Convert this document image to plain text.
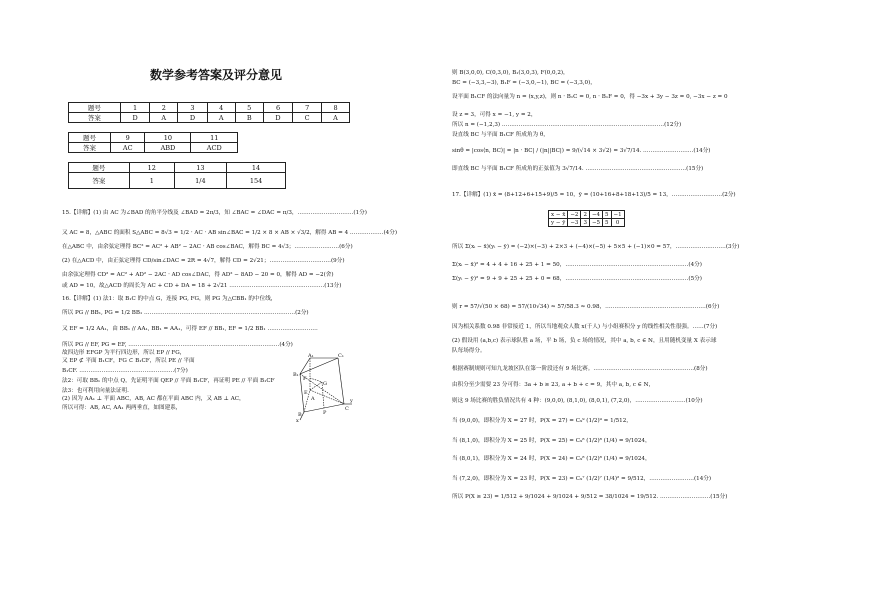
数学参考答案及评分意见
题号	1	2	3	4	5	6	7	8
答案	D	A	D	A	B	D	C	A
题号	9	10	11
答案	AC	ABD	ACD
题号	12	13	14
答案	1	1/4	154
15.【详解】(1) 由 AC 为∠BAD 的角平分线及 ∠BAD = 2π/3，知 ∠BAC = ∠DAC = π/3，…………………………(1分)
又 AC = 8，△ABC 的面积 S△ABC = 8√3 = 1/2 · AC · AB sin∠BAC = 1/2 × 8 × AB × √3/2，解得 AB = 4 ………………(4分)
在△ABC 中，由余弦定理得 BC² = AC² + AB² − 2AC · AB cos∠BAC，解得 BC = 4√3；……………………(6分)
(2) 在△ACD 中，由正弦定理得 CD/sin∠DAC = 2R = 4√7，解得 CD = 2√21；……………………………(9分)
由余弦定理得 CD² = AC² + AD² − 2AC · AD cos∠DAC，得 AD² − 8AD − 20 = 0，解得 AD = −2(舍)
或 AD = 10，故△ACD 的周长为 AC + CD + DA = 18 + 2√21 ……………………………………………(13分)
16.【详解】(1) 法1：取 B₁C 的中点 G，连接 PG, FG，则 PG 为△CBB₁ 的中位线，
所以 PG // BB₁, PG = 1/2 BB₁ ………………………………………………………………………(2分)
又 EF = 1/2 AA₁，由 BB₁ // AA₁, BB₁ = AA₁，可得 EF // BB₁, EF = 1/2 BB₁ ………………………
所以 PG // EF, PG = EF, ………………………………………………………………………(4分)
故四边形 EFGP 为平行四边形，所以 EP // FG，
又 EP ⊄ 平面 B₁CF，FG ⊂ B₁CF，所以 PE // 平面
B₁CF. ……………………………………………(7分)
法2：可取 BB₁ 的中点 Q，先证明平面 QEP // 平面 B₁CF，再证明 PE // 平面 B₁CF
法3：也可利用向量法证明.
(2) 因为 AA₁ ⊥ 平面 ABC，AB, AC 都在平面 ABC 内，又 AB ⊥ AC，
所以可得：AB, AC, AA₁ 两两垂直，如图建系，
A₁	C₁
B₁
F
E
G
A
B
C
P
y
x
则 B(3,0,0), C(0,3,0), B₁(3,0,3), F(0,0,2)，
BC = (−3,3,−3), B₁F = (−3,0,−1), BC = (−3,3,0)，
设平面 B₁CF 的法向量为 n = (x,y,z)，则 n · B₁C = 0, n · B₁F = 0，得 −3x + 3y − 3z = 0, −3x − z = 0
设 z = 3，可得 x = −1, y = 2，
所以 n = (−1,2,3) ……………………………………………………………………………(12分)
设直线 BC 与平面 B₁CF 所成角为 θ，
sinθ = |cos⟨n, BC⟩| = |n · BC| / (|n||BC|) = 9/(√14 × 3√2) = 3√7/14. ………………………(14分)
即直线 BC 与平面 B₁CF 所成角的正弦值为 3√7/14. ………………………………………………(15分)
17.【详解】(1) x̄ = (8+12+6+15+9)/5 = 10，ȳ = (10+16+8+18+13)/5 = 13，………………………(2分)
所以 Σ(xᵢ − x̄)(yᵢ − ȳ) = (−2)×(−3) + 2×3 + (−4)×(−5) + 5×5 + (−1)×0 = 57，………………………(3分)
Σ(xᵢ − x̄)² = 4 + 4 + 16 + 25 + 1 = 50，…………………………………………………………(4分)
Σ(yᵢ − ȳ)² = 9 + 9 + 25 + 25 + 0 = 68，…………………………………………………………(5分)
则 r = 57/√(50 × 68) = 57/(10√34) ≈ 57/58.3 ≈ 0.98，………………………………………………(6分)
因为相关系数 0.98 非常接近 1，所以当地观众人数 x(千人) 与小组赛积分 y 的线性相关性很强。……(7分)
(2) 假设用 (a,b,c) 表示球队胜 a 场，平 b 场，负 c 场的情况，其中 a, b, c ∈ N，且用随机变量 X 表示球
队每场得分。
根据赛制规则可知九龙坡区队在第一阶段还有 9 场比赛。………………………………………………(8分)
由积分至少需要 23 分可得：3a + b ≥ 23, a + b + c = 9，其中 a, b, c ∈ N，
则这 9 场比赛的胜负情况共有 4 种：(9,0,0), (8,1,0), (8,0,1), (7,2,0)，………………………(10分)
当 (9,0,0)，即积分为 X = 27 时，P(X = 27) = C₉⁹ (1/2)⁹ = 1/512，
当 (8,1,0)，即积分为 X = 25 时，P(X = 25) = C₉⁸ (1/2)⁸ (1/4) = 9/1024，
当 (8,0,1)，即积分为 X = 24 时，P(X = 24) = C₉⁸ (1/2)⁸ (1/4) = 9/1024，
当 (7,2,0)，即积分为 X = 23 时，P(X = 23) = C₉⁷ (1/2)⁷ (1/4)² = 9/512，……………………(14分)
所以 P(X ≥ 23) = 1/512 + 9/1024 + 9/1024 + 9/512 = 38/1024 = 19/512. ………………………(15分)
x − x̄	−2	2	−4	5	−1
y − ȳ	−3	3	−5	5	0
